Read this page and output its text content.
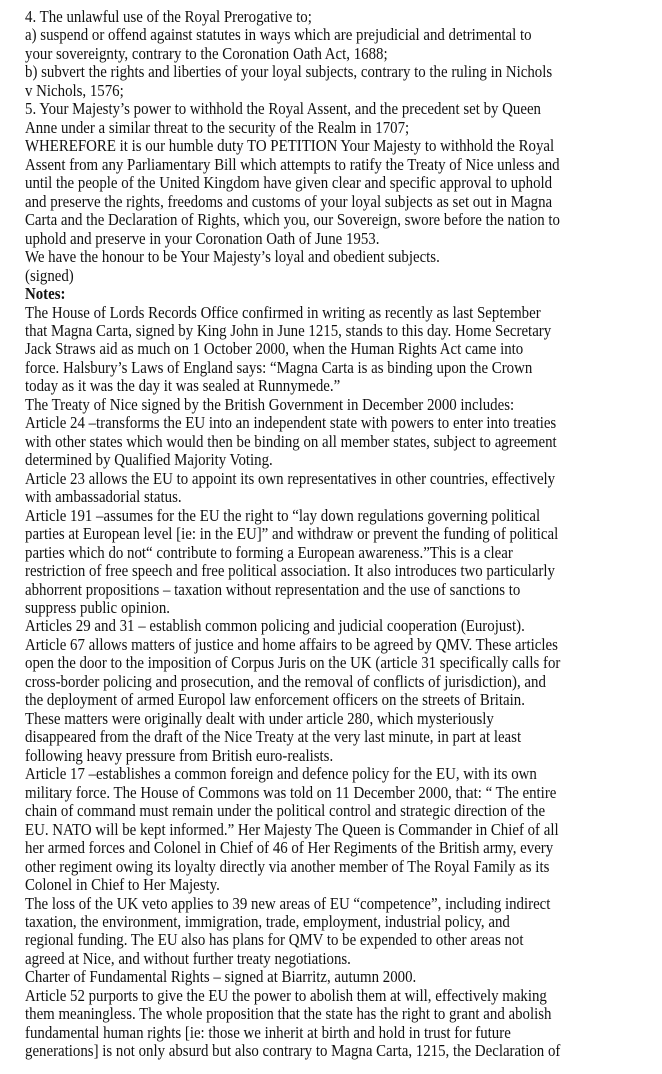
4. The unlawful use of the Royal Prerogative to;
a) suspend or offend against statutes in ways which are prejudicial and detrimental to
your sovereignty, contrary to the Coronation Oath Act, 1688;
b) subvert the rights and liberties of your loyal subjects, contrary to the ruling in Nichols
v Nichols, 1576;
5. Your Majesty’s power to withhold the Royal Assent, and the precedent set by Queen
Anne under a similar threat to the security of the Realm in 1707;
WHEREFORE it is our humble duty TO PETITION Your Majesty to withhold the Royal
Assent from any Parliamentary Bill which attempts to ratify the Treaty of Nice unless and
until the people of the United Kingdom have given clear and specific approval to uphold
and preserve the rights, freedoms and customs of your loyal subjects as set out in Magna
Carta and the Declaration of Rights, which you, our Sovereign, swore before the nation to
uphold and preserve in your Coronation Oath of June 1953.
We have the honour to be Your Majesty’s loyal and obedient subjects.
(signed)
Notes:
The House of Lords Records Office confirmed in writing as recently as last September
that Magna Carta, signed by King John in June 1215, stands to this day. Home Secretary
Jack Straws aid as much on 1 October 2000, when the Human Rights Act came into
force. Halsbury’s Laws of England says: “Magna Carta is as binding upon the Crown
today as it was the day it was sealed at Runnymede.”
The Treaty of Nice signed by the British Government in December 2000 includes:
Article 24 –transforms the EU into an independent state with powers to enter into treaties
with other states which would then be binding on all member states, subject to agreement
determined by Qualified Majority Voting.
Article 23 allows the EU to appoint its own representatives in other countries, effectively
with ambassadorial status.
Article 191 –assumes for the EU the right to “lay down regulations governing political
parties at European level [ie: in the EU]” and withdraw or prevent the funding of political
parties which do not“ contribute to forming a European awareness.”This is a clear
restriction of free speech and free political association. It also introduces two particularly
abhorrent propositions – taxation without representation and the use of sanctions to
suppress public opinion.
Articles 29 and 31 – establish common policing and judicial cooperation (Eurojust).
Article 67 allows matters of justice and home affairs to be agreed by QMV. These articles
open the door to the imposition of Corpus Juris on the UK (article 31 specifically calls for
cross-border policing and prosecution, and the removal of conflicts of jurisdiction), and
the deployment of armed Europol law enforcement officers on the streets of Britain.
These matters were originally dealt with under article 280, which mysteriously
disappeared from the draft of the Nice Treaty at the very last minute, in part at least
following heavy pressure from British euro-realists.
Article 17 –establishes a common foreign and defence policy for the EU, with its own
military force. The House of Commons was told on 11 December 2000, that: “ The entire
chain of command must remain under the political control and strategic direction of the
EU. NATO will be kept informed.” Her Majesty The Queen is Commander in Chief of all
her armed forces and Colonel in Chief of 46 of Her Regiments of the British army, every
other regiment owing its loyalty directly via another member of The Royal Family as its
Colonel in Chief to Her Majesty.
The loss of the UK veto applies to 39 new areas of EU “competence”, including indirect
taxation, the environment, immigration, trade, employment, industrial policy, and
regional funding. The EU also has plans for QMV to be expended to other areas not
agreed at Nice, and without further treaty negotiations.
Charter of Fundamental Rights – signed at Biarritz, autumn 2000.
Article 52 purports to give the EU the power to abolish them at will, effectively making
them meaningless. The whole proposition that the state has the right to grant and abolish
fundamental human rights [ie: those we inherit at birth and hold in trust for future
generations] is not only absurd but also contrary to Magna Carta, 1215, the Declaration of
